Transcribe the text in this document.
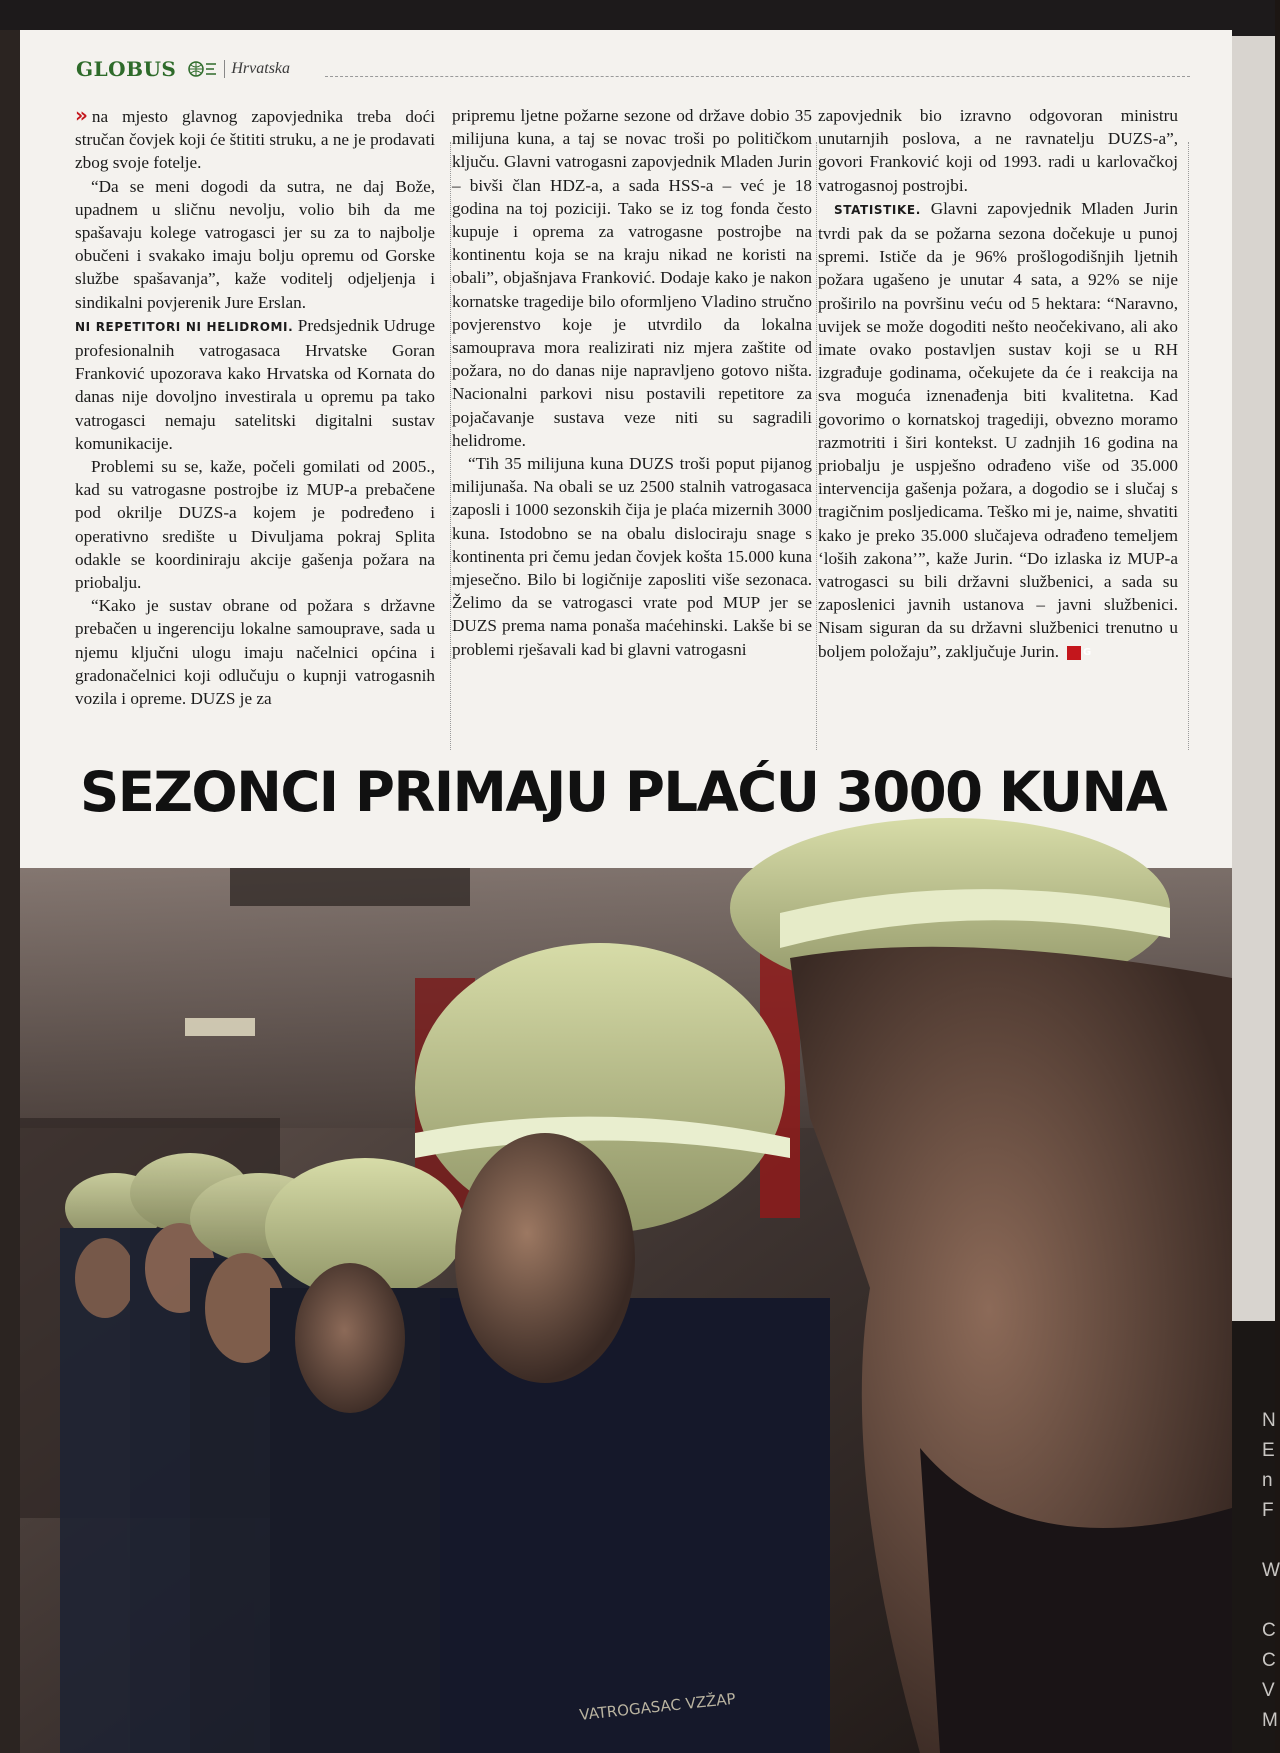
VATROGASAC VZŽAP
GLOBUS	Hrvatska

» na mjesto glavnog zapovjednika treba doći stručan čovjek koji će štititi struku, a ne je prodavati zbog svoje fotelje.

“Da se meni dogodi da sutra, ne daj Bože, upadnem u sličnu nevolju, volio bih da me spašavaju kolege vatrogasci jer su za to najbolje obučeni i svakako imaju bolju opremu od Gorske službe spašavanja”, kaže voditelj odjeljenja i sindikalni povjerenik Jure Erslan.

NI REPETITORI NI HELIDROMI. Predsjednik Udruge profesionalnih vatrogasaca Hrvatske Goran Franković upozorava kako Hrvatska od Kornata do danas nije dovoljno investirala u opremu pa tako vatrogasci nemaju satelitski digitalni sustav komunikacije.

Problemi su se, kaže, počeli gomilati od 2005., kad su vatrogasne postrojbe iz MUP-a prebačene pod okrilje DUZS-a kojem je podređeno i operativno središte u Divuljama pokraj Splita odakle se koordiniraju akcije gašenja požara na priobalju.

“Kako je sustav obrane od požara s državne prebačen u ingerenciju lokalne samouprave, sada u njemu ključni ulogu imaju načelnici općina i gradonačelnici koji odlučuju o kupnji vatrogasnih vozila i opreme. DUZS je za

pripremu ljetne požarne sezone od države dobio 35 milijuna kuna, a taj se novac troši po političkom ključu. Glavni vatrogasni zapovjednik Mladen Jurin – bivši član HDZ-a, a sada HSS-a – već je 18 godina na toj poziciji. Tako se iz tog fonda često kupuje i oprema za vatrogasne postrojbe na kontinentu koja se na kraju nikad ne koristi na obali”, objašnjava Franković. Dodaje kako je nakon kornatske tragedije bilo oformljeno Vladino stručno povjerenstvo koje je utvrdilo da lokalna samouprava mora realizirati niz mjera zaštite od požara, no do danas nije napravljeno gotovo ništa. Nacionalni parkovi nisu postavili repetitore za pojačavanje sustava veze niti su sagradili helidrome.

“Tih 35 milijuna kuna DUZS troši poput pijanog milijunaša. Na obali se uz 2500 stalnih vatrogasaca zaposli i 1000 sezonskih čija je plaća mizernih 3000 kuna. Istodobno se na obalu dislociraju snage s kontinenta pri čemu jedan čovjek košta 15.000 kuna mjesečno. Bilo bi logičnije zaposliti više sezonaca. Želimo da se vatrogasci vrate pod MUP jer se DUZS prema nama ponaša maćehinski. Lakše bi se problemi rješavali kad bi glavni vatrogasni

zapovjednik bio izravno odgovoran ministru unutarnjih poslova, a ne ravnatelju DUZS-a”, govori Franković koji od 1993. radi u karlovačkoj vatrogasnoj postrojbi.

STATISTIKE. Glavni zapovjednik Mladen Jurin tvrdi pak da se požarna sezona dočekuje u punoj spremi. Ističe da je 96% prošlogodišnjih ljetnih požara ugašeno je unutar 4 sata, a 92% se nije proširilo na površinu veću od 5 hektara: “Naravno, uvijek se može dogoditi nešto neočekivano, ali ako imate ovako postavljen sustav koji se u RH izgrađuje godinama, očekujete da će i reakcija na sva moguća iznenađenja biti kvalitetna. Kad govorimo o kornatskoj tragediji, obvezno moramo razmotriti i širi kontekst. U zadnjih 16 godina na priobalju je uspješno odrađeno više od 35.000 intervencija gašenja požara, a dogodio se i slučaj s tragičnim posljedicama. Teško mi je, naime, shvatiti kako je preko 35.000 slučajeva odrađeno temeljem ‘loših zakona’”, kaže Jurin. “Do izlaska iz MUP-a vatrogasci su bili državni službenici, a sada su zaposlenici javnih ustanova – javni službenici. Nisam siguran da su državni službenici trenutno u boljem položaju”, zaključuje Jurin. G

SEZONCI PRIMAJU PLAĆU 3000 KUNA
N
E
n
F

W

C
C
V
M
